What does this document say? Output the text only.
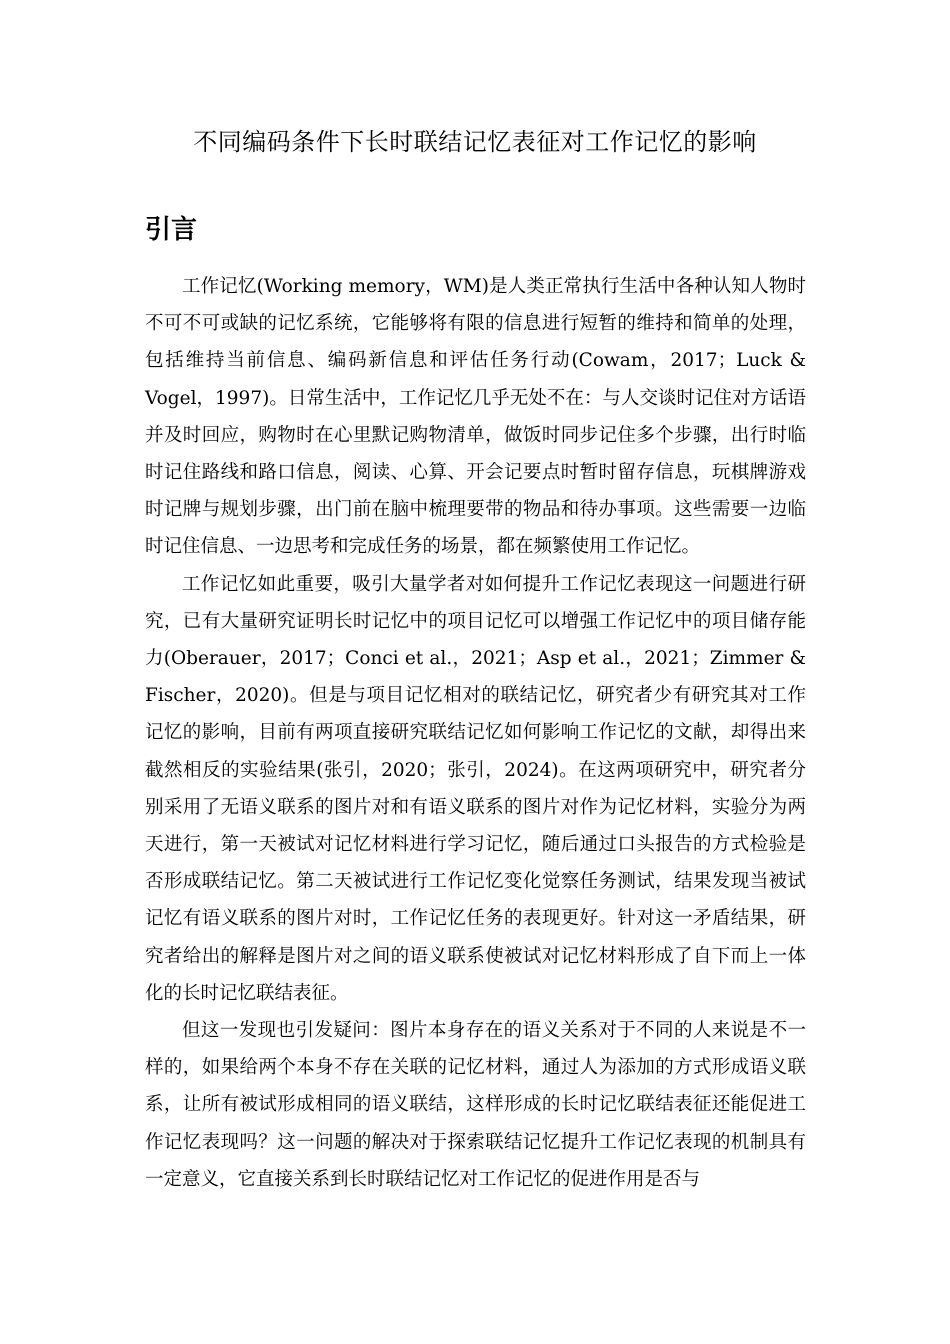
不同编码条件下长时联结记忆表征对工作记忆的影响
引言

工作记忆(Working memory，WM)是人类正常执行生活中各种认知人物时不可不可或缺的记忆系统，它能够将有限的信息进行短暂的维持和简单的处理，包括维持当前信息、编码新信息和评估任务行动(Cowam，2017；Luck & Vogel，1997)。日常生活中，工作记忆几乎无处不在：与人交谈时记住对方话语并及时回应，购物时在心里默记购物清单，做饭时同步记住多个步骤，出行时临时记住路线和路口信息，阅读、心算、开会记要点时暂时留存信息，玩棋牌游戏时记牌与规划步骤，出门前在脑中梳理要带的物品和待办事项。这些需要一边临时记住信息、一边思考和完成任务的场景，都在频繁使用工作记忆。

工作记忆如此重要，吸引大量学者对如何提升工作记忆表现这一问题进行研究，已有大量研究证明长时记忆中的项目记忆可以增强工作记忆中的项目储存能力(Oberauer，2017；Conci et al.，2021；Asp et al.，2021；Zimmer & Fischer，2020)。但是与项目记忆相对的联结记忆，研究者少有研究其对工作记忆的影响，目前有两项直接研究联结记忆如何影响工作记忆的文献，却得出来截然相反的实验结果(张引，2020；张引，2024)。在这两项研究中，研究者分别采用了无语义联系的图片对和有语义联系的图片对作为记忆材料，实验分为两天进行，第一天被试对记忆材料进行学习记忆，随后通过口头报告的方式检验是否形成联结记忆。第二天被试进行工作记忆变化觉察任务测试，结果发现当被试记忆有语义联系的图片对时，工作记忆任务的表现更好。针对这一矛盾结果，研究者给出的解释是图片对之间的语义联系使被试对记忆材料形成了自下而上一体化的长时记忆联结表征。

但这一发现也引发疑问：图片本身存在的语义关系对于不同的人来说是不一样的，如果给两个本身不存在关联的记忆材料，通过人为添加的方式形成语义联系，让所有被试形成相同的语义联结，这样形成的长时记忆联结表征还能促进工作记忆表现吗？这一问题的解决对于探索联结记忆提升工作记忆表现的机制具有一定意义，它直接关系到长时联结记忆对工作记忆的促进作用是否与
